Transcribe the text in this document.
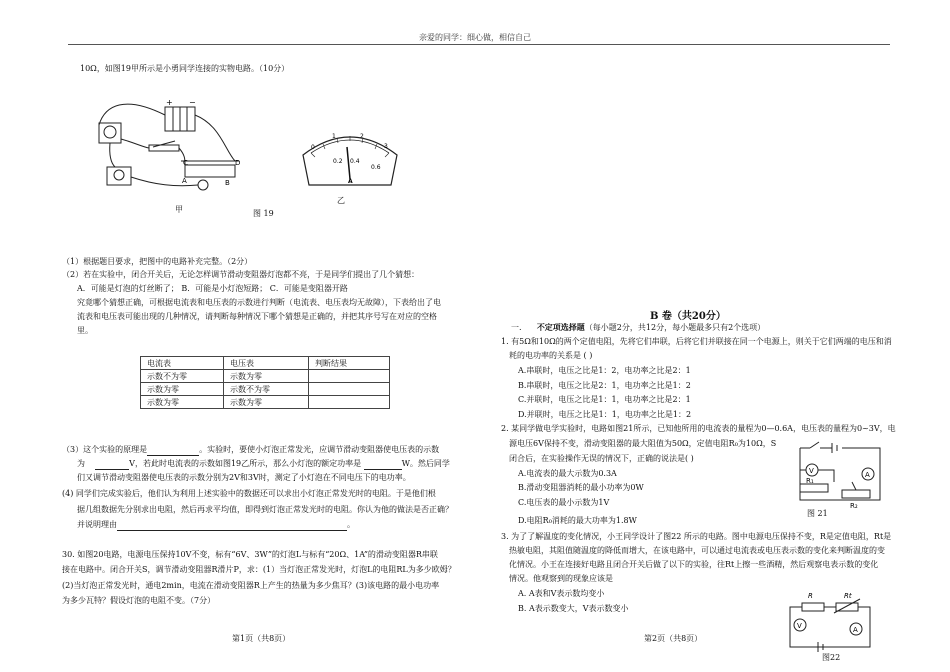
亲爱的同学：细心做，相信自己
10Ω，如图19甲所示是小勇同学连接的实物电路。（10分）
+ −
C	D
A	B
甲	图 19
0
1	2
3
0.2 0.4
0.6
A
乙
（1）根据题目要求，把图中的电路补充完整。（2分）
（2）若在实验中，闭合开关后，无论怎样调节滑动变阻器灯泡都不亮，于是同学们提出了几个猜想：
A．可能是灯泡的灯丝断了； B．可能是小灯泡短路； C．可能是变阻器开路
究竟哪个猜想正确，可根据电流表和电压表的示数进行判断（电流表、电压表均无故障），下表给出了电
流表和电压表可能出现的几种情况，请判断每种情况下哪个猜想是正确的，并把其序号写在对应的空格
里。
电流表	电压表	判断结果
示数不为零	示数为零	
示数为零	示数不为零	
示数为零	示数为零	
（3）这个实验的原理是	。实验时，要使小灯泡正常发光，应调节滑动变阻器使电压表的示数
为	V，若此时电流表的示数如图19乙所示，那么小灯泡的额定功率是	W。然后同学
们又调节滑动变阻器使电压表的示数分别为2V和3V时，测定了小灯泡在不同电压下的电功率。
(4) 同学们完成实验后，他们认为利用上述实验中的数据还可以求出小灯泡正常发光时的电阻。于是他们根
据几组数据先分别求出电阻，然后再求平均值，即得到灯泡正常发光时的电阻。你认为他的做法是否正确？
并说明理由	。
30. 如图20电路，电源电压保持10V不变，标有“6V、3W”的灯泡L与标有“20Ω、1A”的滑动变阻器R串联
接在电路中。闭合开关S，调节滑动变阻器R滑片P，求：(1）当灯泡正常发光时，灯泡L的电阻RL为多少欧姆？
(2)当灯泡正常发光时，通电2min，电流在滑动变阻器R上产生的热量为多少焦耳？(3)该电路的最小电功率
为多少瓦特？假设灯泡的电阻不变。（7分）
第1页（共8页）
B 卷（共20分）
一. 不定项选择题（每小题2分，共12分，每小题最多只有2个选项）
1. 有5Ω和10Ω的两个定值电阻，先将它们串联，后将它们并联接在同一个电源上，则关于它们两端的电压和消
耗的电功率的关系是 ( )
A.串联时，电压之比是1：2，电功率之比是2：1
B.串联时，电压之比是2：1，电功率之比是1：2
C.并联时，电压之比是1：1，电功率之比是2：1
D.并联时，电压之比是1：1，电功率之比是1：2
2. 某同学做电学实验时，电路如图21所示，已知他所用的电流表的量程为0—0.6A，电压表的量程为0~3V，电
源电压6V保持不变，滑动变阻器的最大阻值为50Ω，定值电阻R₀为10Ω，S
闭合后，在实验操作无误的情况下，正确的说法是( )
A.电流表的最大示数为0.3A
B.滑动变阻器消耗的最小功率为0W
C.电压表的最小示数为1V
D.电阻R₀消耗的最大功率为1.8W
V	A
R₁
R₂
图 21
3. 为了了解温度的变化情况，小王同学设计了图22 所示的电路。图中电源电压保持不变，R是定值电阻，Rt是
热敏电阻，其阻值随温度的降低而增大，在该电路中，可以通过电流表或电压表示数的变化来判断温度的变
化情况。小王在连接好电路且闭合开关后做了以下的实验，往Rt上擦一些酒精，然后观察电表示数的变化
情况。他观察到的现象应该是
A. A表和V表示数均变小
B. A表示数变大，V表示数变小
R	Rt
V	A
图22
第2页（共8页）
